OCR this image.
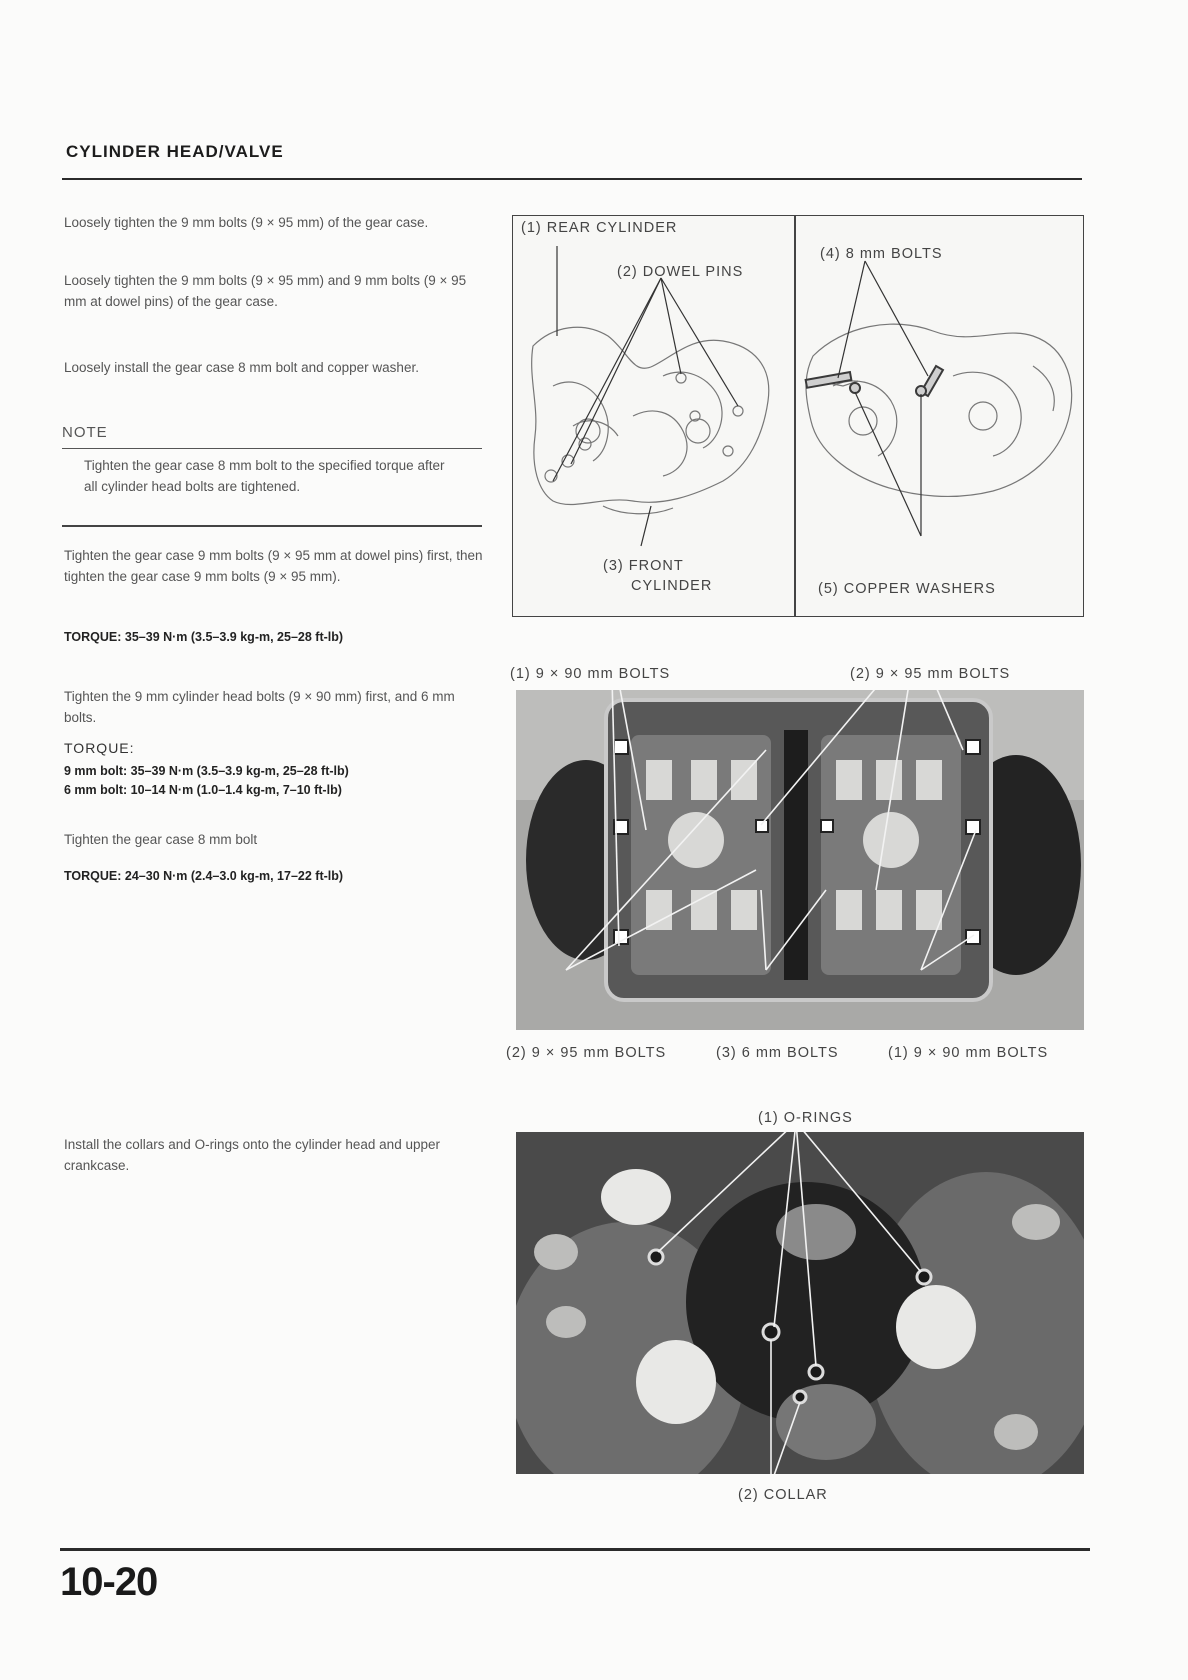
CYLINDER HEAD/VALVE
Loosely tighten the 9 mm bolts (9 × 95 mm) of the gear case.
Loosely tighten the 9 mm bolts (9 × 95 mm) and 9 mm bolts (9 × 95 mm at dowel pins) of the gear case.
Loosely install the gear case 8 mm bolt and copper washer.
NOTE
Tighten the gear case 8 mm bolt to the specified torque after all cylinder head bolts are tightened.
Tighten the gear case 9 mm bolts (9 × 95 mm at dowel pins) first, then tighten the gear case 9 mm bolts (9 × 95 mm).
TORQUE: 35–39 N·m (3.5–3.9 kg-m, 25–28 ft-lb)
Tighten the 9 mm cylinder head bolts (9 × 90 mm) first, and 6 mm bolts.
TORQUE:
9 mm bolt: 35–39 N·m (3.5–3.9 kg-m, 25–28 ft-lb)
6 mm bolt: 10–14 N·m (1.0–1.4 kg-m, 7–10 ft-lb)
Tighten the gear case 8 mm bolt
TORQUE: 24–30 N·m (2.4–3.0 kg-m, 17–22 ft-lb)
Install the collars and O-rings onto the cylinder head and upper crankcase.
(1) REAR CYLINDER
(2) DOWEL PINS
(3) FRONT
CYLINDER
(4) 8 mm BOLTS
(5) COPPER WASHERS
(1) 9 × 90 mm BOLTS	(2) 9 × 95 mm BOLTS
(2) 9 × 95 mm BOLTS	(3) 6 mm BOLTS	(1) 9 × 90 mm BOLTS
(1) O-RINGS
(2) COLLAR
10-20
